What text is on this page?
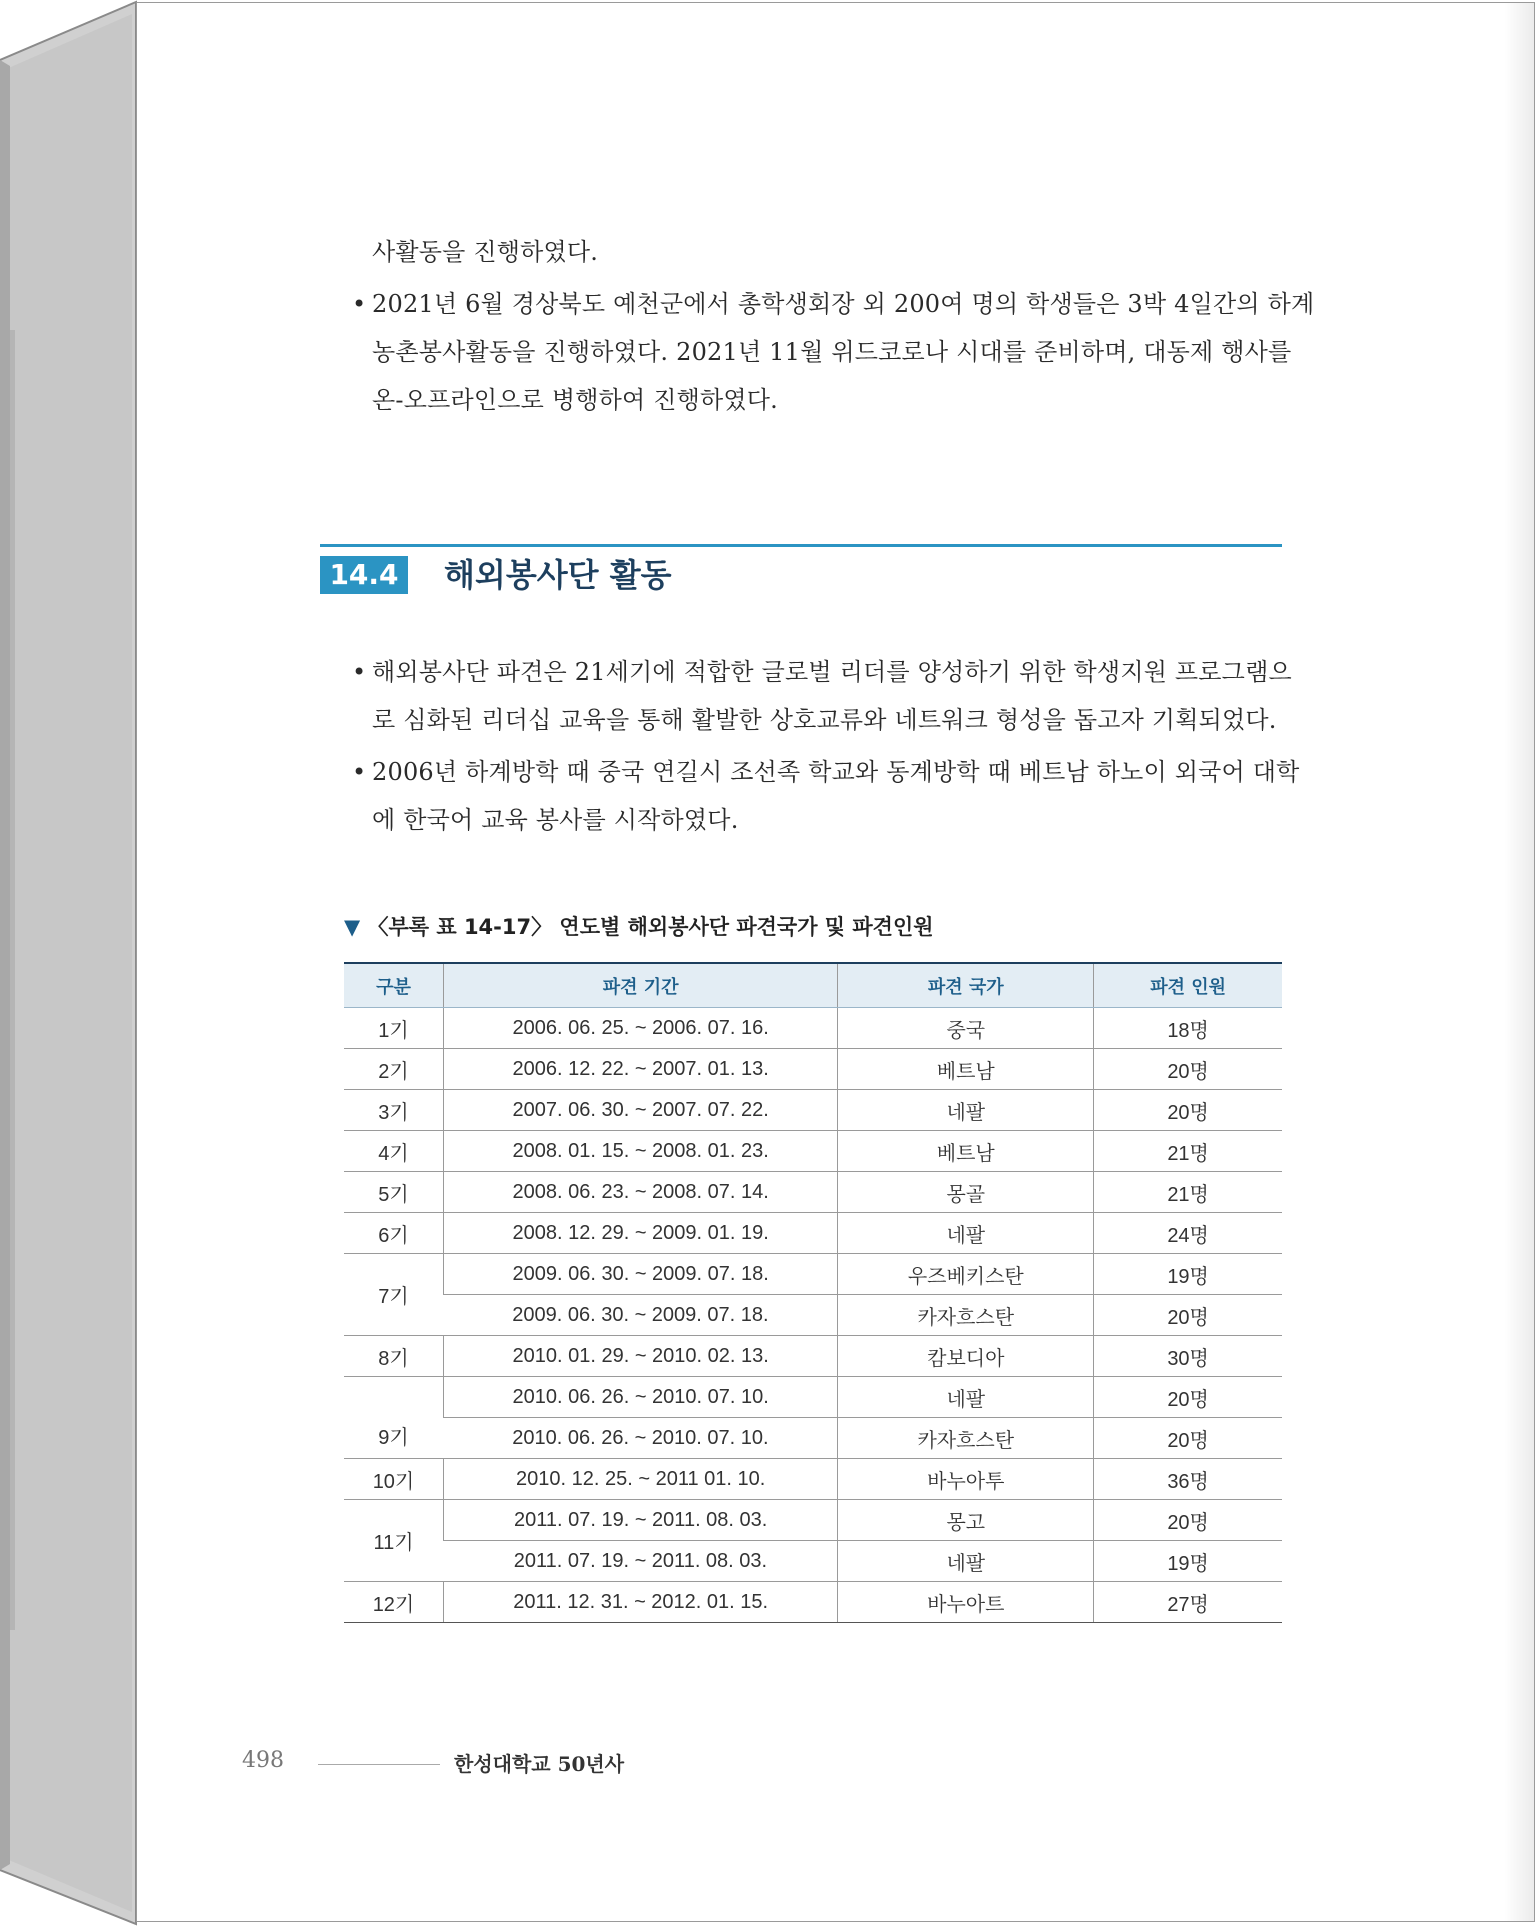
사활동을 진행하였다.
• 2021년 6월 경상북도 예천군에서 총학생회장 외 200여 명의 학생들은 3박 4일간의 하계
농촌봉사활동을 진행하였다. 2021년 11월 위드코로나 시대를 준비하며, 대동제 행사를
온-오프라인으로 병행하여 진행하였다.
14.4 해외봉사단 활동
• 해외봉사단 파견은 21세기에 적합한 글로벌 리더를 양성하기 위한 학생지원 프로그램으
로 심화된 리더십 교육을 통해 활발한 상호교류와 네트워크 형성을 돕고자 기획되었다.
• 2006년 하계방학 때 중국 연길시 조선족 학교와 동계방학 때 베트남 하노이 외국어 대학
에 한국어 교육 봉사를 시작하였다.
▼ 〈부록 표 14-17〉 연도별 해외봉사단 파견국가 및 파견인원
구분	파견 기간	파견 국가	파견 인원
1기	2006. 06. 25. ~ 2006. 07. 16.	중국	18명
2기	2006. 12. 22. ~ 2007. 01. 13.	베트남	20명
3기	2007. 06. 30. ~ 2007. 07. 22.	네팔	20명
4기	2008. 01. 15. ~ 2008. 01. 23.	베트남	21명
5기	2008. 06. 23. ~ 2008. 07. 14.	몽골	21명
6기	2008. 12. 29. ~ 2009. 01. 19.	네팔	24명
7기	2009. 06. 30. ~ 2009. 07. 18.	우즈베키스탄	19명
	2009. 06. 30. ~ 2009. 07. 18.	카자흐스탄	20명
8기	2010. 01. 29. ~ 2010. 02. 13.	캄보디아	30명
9기	2010. 06. 26. ~ 2010. 07. 10.	네팔	20명
	2010. 06. 26. ~ 2010. 07. 10.	카자흐스탄	20명
10기	2010. 12. 25. ~ 2011 01. 10.	바누아투	36명
11기	2011. 07. 19. ~ 2011. 08. 03.	몽고	20명
	2011. 07. 19. ~ 2011. 08. 03.	네팔	19명
12기	2011. 12. 31. ~ 2012. 01. 15.	바누아트	27명
498	한성대학교 50년사
